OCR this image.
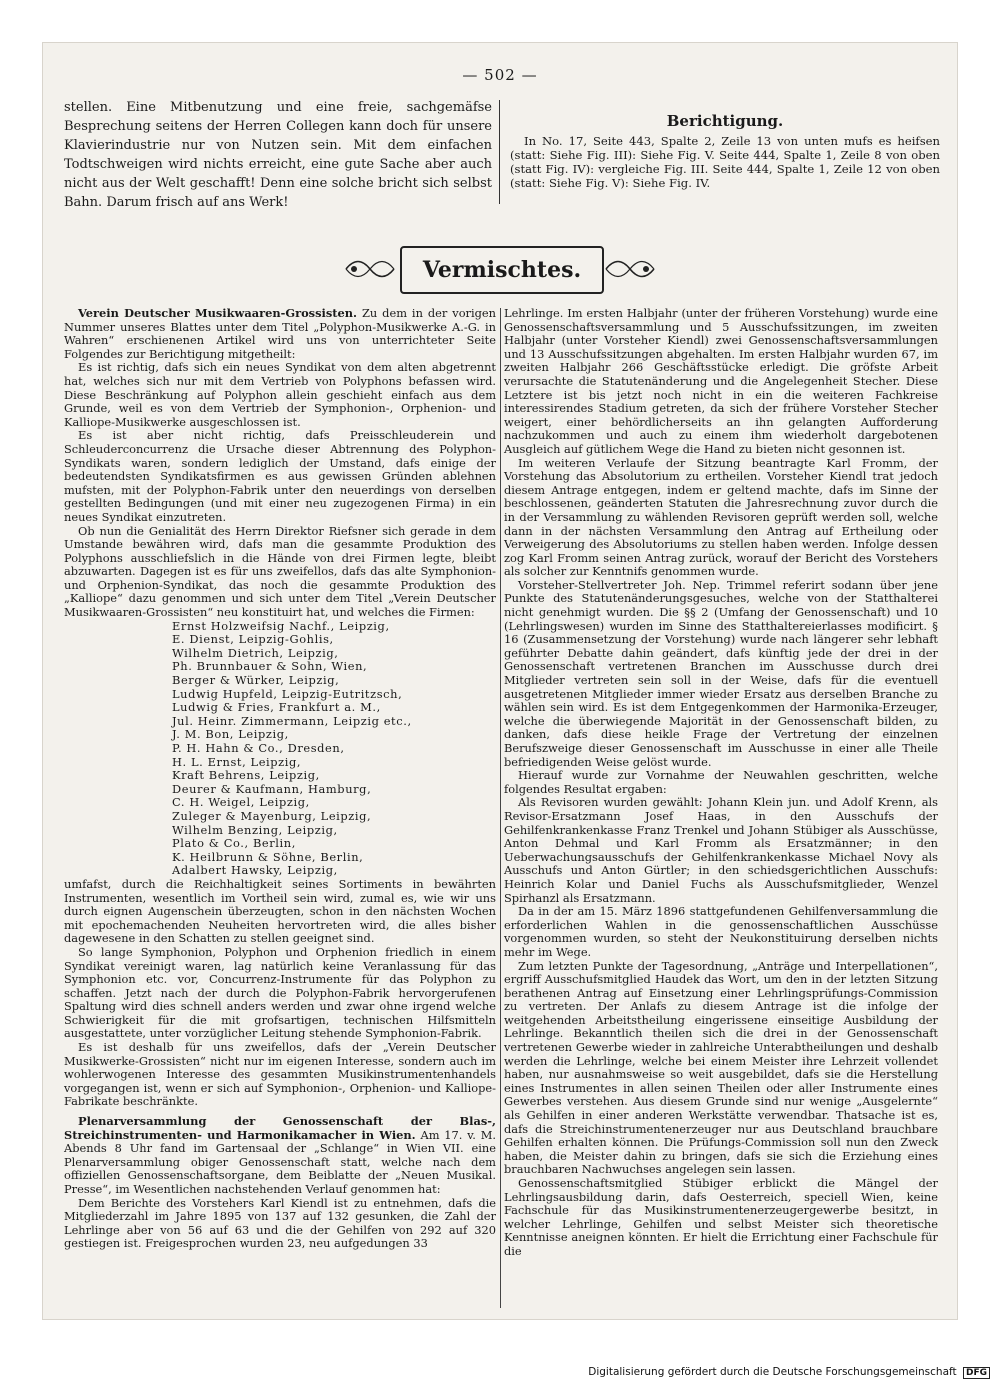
— 502 —

stellen. Eine Mitbenutzung und eine freie, sachgemäfse Besprechung seitens der Herren Collegen kann doch für unsere Klavierindustrie nur von Nutzen sein. Mit dem einfachen Todtschweigen wird nichts erreicht, eine gute Sache aber auch nicht aus der Welt geschafft! Denn eine solche bricht sich selbst Bahn. Darum frisch auf ans Werk!

Berichtigung.

In No. 17, Seite 443, Spalte 2, Zeile 13 von unten mufs es heifsen (statt: Siehe Fig. III): Siehe Fig. V. Seite 444, Spalte 1, Zeile 8 von oben (statt Fig. IV): vergleiche Fig. III. Seite 444, Spalte 1, Zeile 12 von oben (statt: Siehe Fig. V): Siehe Fig. IV.

Vermischtes.

Verein Deutscher Musikwaaren-Grossisten. Zu dem in der vorigen Nummer unseres Blattes unter dem Titel „Polyphon-Musikwerke A.-G. in Wahren“ erschienenen Artikel wird uns von unterrichteter Seite Folgendes zur Berichtigung mitgetheilt:

Es ist richtig, dafs sich ein neues Syndikat von dem alten abgetrennt hat, welches sich nur mit dem Vertrieb von Polyphons befassen wird. Diese Beschränkung auf Polyphon allein geschieht einfach aus dem Grunde, weil es von dem Vertrieb der Symphonion-, Orphenion- und Kalliope-Musikwerke ausgeschlossen ist.

Es ist aber nicht richtig, dafs Preisschleuderein und Schleuderconcurrenz die Ursache dieser Abtrennung des Polyphon-Syndikats waren, sondern lediglich der Umstand, dafs einige der bedeutendsten Syndikatsfirmen es aus gewissen Gründen ablehnen mufsten, mit der Polyphon-Fabrik unter den neuerdings von derselben gestellten Bedingungen (und mit einer neu zugezogenen Firma) in ein neues Syndikat einzutreten.

Ob nun die Genialität des Herrn Direktor Riefsner sich gerade in dem Umstande bewähren wird, dafs man die gesammte Produktion des Polyphons ausschliefslich in die Hände von drei Firmen legte, bleibt abzuwarten. Dagegen ist es für uns zweifellos, dafs das alte Symphonion- und Orphenion-Syndikat, das noch die gesammte Produktion des „Kalliope“ dazu genommen und sich unter dem Titel „Verein Deutscher Musikwaaren-Grossisten“ neu konstituirt hat, und welches die Firmen:

Ernst Holzweifsig Nachf., Leipzig,
E. Dienst, Leipzig-Gohlis,
Wilhelm Dietrich, Leipzig,
Ph. Brunnbauer & Sohn, Wien,
Berger & Würker, Leipzig,
Ludwig Hupfeld, Leipzig-Eutritzsch,
Ludwig & Fries, Frankfurt a. M.,
Jul. Heinr. Zimmermann, Leipzig etc.,
J. M. Bon, Leipzig,
P. H. Hahn & Co., Dresden,
H. L. Ernst, Leipzig,
Kraft Behrens, Leipzig,
Deurer & Kaufmann, Hamburg,
C. H. Weigel, Leipzig,
Zuleger & Mayenburg, Leipzig,
Wilhelm Benzing, Leipzig,
Plato & Co., Berlin,
K. Heilbrunn & Söhne, Berlin,
Adalbert Hawsky, Leipzig,

umfafst, durch die Reichhaltigkeit seines Sortiments in bewährten Instrumenten, wesentlich im Vortheil sein wird, zumal es, wie wir uns durch eignen Augenschein überzeugten, schon in den nächsten Wochen mit epochemachenden Neuheiten hervortreten wird, die alles bisher dagewesene in den Schatten zu stellen geeignet sind.

So lange Symphonion, Polyphon und Orphenion friedlich in einem Syndikat vereinigt waren, lag natürlich keine Veranlassung für das Symphonion etc. vor, Concurrenz-Instrumente für das Polyphon zu schaffen. Jetzt nach der durch die Polyphon-Fabrik hervorgerufenen Spaltung wird dies schnell anders werden und zwar ohne irgend welche Schwierigkeit für die mit grofsartigen, technischen Hilfsmitteln ausgestattete, unter vorzüglicher Leitung stehende Symphonion-Fabrik.

Es ist deshalb für uns zweifellos, dafs der „Verein Deutscher Musikwerke-Grossisten“ nicht nur im eigenen Interesse, sondern auch im wohlerwogenen Interesse des gesammten Musikinstrumentenhandels vorgegangen ist, wenn er sich auf Symphonion-, Orphenion- und Kalliope-Fabrikate beschränkte.

Plenarversammlung der Genossenschaft der Blas-, Streichinstrumenten- und Harmonikamacher in Wien. Am 17. v. M. Abends 8 Uhr fand im Gartensaal der „Schlange“ in Wien VII. eine Plenarversammlung obiger Genossenschaft statt, welche nach dem offiziellen Genossenschaftsorgane, dem Beiblatte der „Neuen Musikal. Presse“, im Wesentlichen nachstehenden Verlauf genommen hat:

Dem Berichte des Vorstehers Karl Kiendl ist zu entnehmen, dafs die Mitgliederzahl im Jahre 1895 von 137 auf 132 gesunken, die Zahl der Lehrlinge aber von 56 auf 63 und die der Gehilfen von 292 auf 320 gestiegen ist. Freigesprochen wurden 23, neu aufgedungen 33

Lehrlinge. Im ersten Halbjahr (unter der früheren Vorstehung) wurde eine Genossenschaftsversammlung und 5 Ausschufssitzungen, im zweiten Halbjahr (unter Vorsteher Kiendl) zwei Genossenschaftsversammlungen und 13 Ausschufssitzungen abgehalten. Im ersten Halbjahr wurden 67, im zweiten Halbjahr 266 Geschäftsstücke erledigt. Die gröfste Arbeit verursachte die Statutenänderung und die Angelegenheit Stecher. Diese Letztere ist bis jetzt noch nicht in ein die weiteren Fachkreise interessirendes Stadium getreten, da sich der frühere Vorsteher Stecher weigert, einer behördlicherseits an ihn gelangten Aufforderung nachzukommen und auch zu einem ihm wiederholt dargebotenen Ausgleich auf gütlichem Wege die Hand zu bieten nicht gesonnen ist.

Im weiteren Verlaufe der Sitzung beantragte Karl Fromm, der Vorstehung das Absolutorium zu ertheilen. Vorsteher Kiendl trat jedoch diesem Antrage entgegen, indem er geltend machte, dafs im Sinne der beschlossenen, geänderten Statuten die Jahresrechnung zuvor durch die in der Versammlung zu wählenden Revisoren geprüft werden soll, welche dann in der nächsten Versammlung den Antrag auf Ertheilung oder Verweigerung des Absolutoriums zu stellen haben werden. Infolge dessen zog Karl Fromm seinen Antrag zurück, worauf der Bericht des Vorstehers als solcher zur Kenntnifs genommen wurde.

Vorsteher-Stellvertreter Joh. Nep. Trimmel referirt sodann über jene Punkte des Statutenänderungsgesuches, welche von der Statthalterei nicht genehmigt wurden. Die §§ 2 (Umfang der Genossenschaft) und 10 (Lehrlingswesen) wurden im Sinne des Statthaltereierlasses modificirt. § 16 (Zusammensetzung der Vorstehung) wurde nach längerer sehr lebhaft geführter Debatte dahin geändert, dafs künftig jede der drei in der Genossenschaft vertretenen Branchen im Ausschusse durch drei Mitglieder vertreten sein soll in der Weise, dafs für die eventuell ausgetretenen Mitglieder immer wieder Ersatz aus derselben Branche zu wählen sein wird. Es ist dem Entgegenkommen der Harmonika-Erzeuger, welche die überwiegende Majorität in der Genossenschaft bilden, zu danken, dafs diese heikle Frage der Vertretung der einzelnen Berufszweige dieser Genossenschaft im Ausschusse in einer alle Theile befriedigenden Weise gelöst wurde.

Hierauf wurde zur Vornahme der Neuwahlen geschritten, welche folgendes Resultat ergaben:

Als Revisoren wurden gewählt: Johann Klein jun. und Adolf Krenn, als Revisor-Ersatzmann Josef Haas, in den Ausschufs der Gehilfenkrankenkasse Franz Trenkel und Johann Stübiger als Ausschüsse, Anton Dehmal und Karl Fromm als Ersatzmänner; in den Ueberwachungsausschufs der Gehilfenkrankenkasse Michael Novy als Ausschufs und Anton Gürtler; in den schiedsgerichtlichen Ausschufs: Heinrich Kolar und Daniel Fuchs als Ausschufsmitglieder, Wenzel Spirhanzl als Ersatzmann.

Da in der am 15. März 1896 stattgefundenen Gehilfenversammlung die erforderlichen Wahlen in die genossenschaftlichen Ausschüsse vorgenommen wurden, so steht der Neukonstituirung derselben nichts mehr im Wege.

Zum letzten Punkte der Tagesordnung, „Anträge und Interpellationen“, ergriff Ausschufsmitglied Haudek das Wort, um den in der letzten Sitzung berathenen Antrag auf Einsetzung einer Lehrlingsprüfungs-Commission zu vertreten. Der Anlafs zu diesem Antrage ist die infolge der weitgehenden Arbeitstheilung eingerissene einseitige Ausbildung der Lehrlinge. Bekanntlich theilen sich die drei in der Genossenschaft vertretenen Gewerbe wieder in zahlreiche Unterabtheilungen und deshalb werden die Lehrlinge, welche bei einem Meister ihre Lehrzeit vollendet haben, nur ausnahmsweise so weit ausgebildet, dafs sie die Herstellung eines Instrumentes in allen seinen Theilen oder aller Instrumente eines Gewerbes verstehen. Aus diesem Grunde sind nur wenige „Ausgelernte“ als Gehilfen in einer anderen Werkstätte verwendbar. Thatsache ist es, dafs die Streichinstrumentenerzeuger nur aus Deutschland brauchbare Gehilfen erhalten können. Die Prüfungs-Commission soll nun den Zweck haben, die Meister dahin zu bringen, dafs sie sich die Erziehung eines brauchbaren Nachwuchses angelegen sein lassen.

Genossenschaftsmitglied Stübiger erblickt die Mängel der Lehrlingsausbildung darin, dafs Oesterreich, speciell Wien, keine Fachschule für das Musikinstrumentenerzeugergewerbe besitzt, in welcher Lehrlinge, Gehilfen und selbst Meister sich theoretische Kenntnisse aneignen könnten. Er hielt die Errichtung einer Fachschule für die

Digitalisierung gefördert durch die Deutsche Forschungsgemeinschaft DFG
